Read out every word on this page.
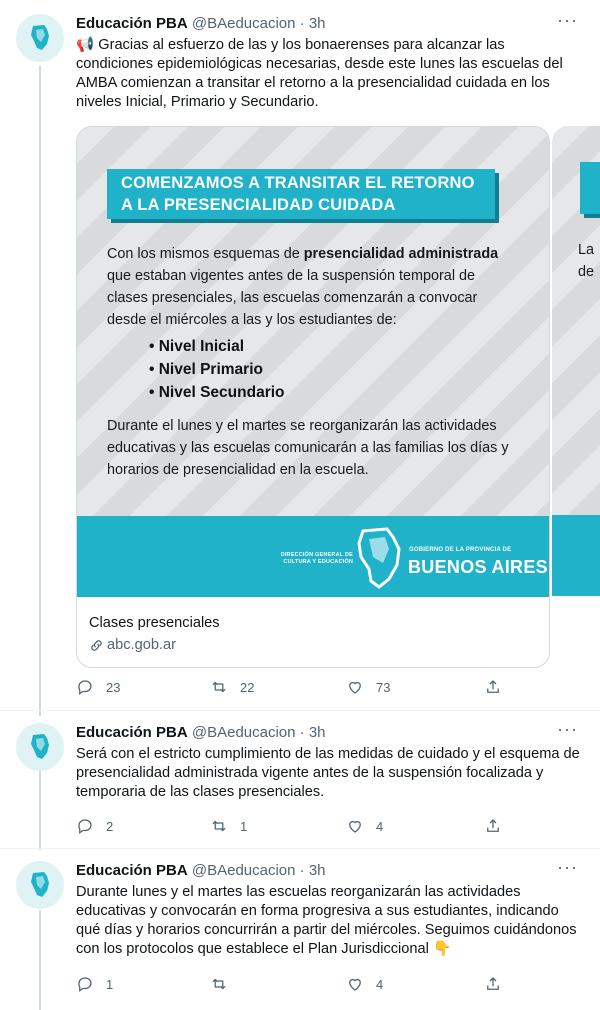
Educación PBA @BAeducacion · 3h	···
📢 Gracias al esfuerzo de las y los bonaerenses para alcanzar las condiciones epidemiológicas necesarias, desde este lunes las escuelas del AMBA comienzan a transitar el retorno a la presencialidad cuidada en los niveles Inicial, Primario y Secundario.
COMENZAMOS A TRANSITAR EL RETORNO
A LA PRESENCIALIDAD CUIDADA
Con los mismos esquemas de presencialidad administrada que estaban vigentes antes de la suspensión temporal de clases presenciales, las escuelas comenzarán a convocar desde el miércoles a las y los estudiantes de:
• Nivel Inicial
• Nivel Primario
• Nivel Secundario
Durante el lunes y el martes se reorganizarán las actividades educativas y las escuelas comunicarán a las familias los días y horarios de presencialidad en la escuela.
DIRECCIÓN GENERAL DE
CULTURA Y EDUCACIÓN
GOBIERNO DE LA PROVINCIA DE
BUENOS AIRES
Clases presenciales
abc.gob.ar
23	22	73
La
de
Educación PBA @BAeducacion · 3h	···
Será con el estricto cumplimiento de las medidas de cuidado y el esquema de presencialidad administrada vigente antes de la suspensión focalizada y temporaria de las clases presenciales.
2	1	4
Educación PBA @BAeducacion · 3h	···
Durante lunes y el martes las escuelas reorganizarán las actividades educativas y convocarán en forma progresiva a sus estudiantes, indicando qué días y horarios concurrirán a partir del miércoles. Seguimos cuidándonos con los protocolos que establece el Plan Jurisdiccional 👇
1	4
